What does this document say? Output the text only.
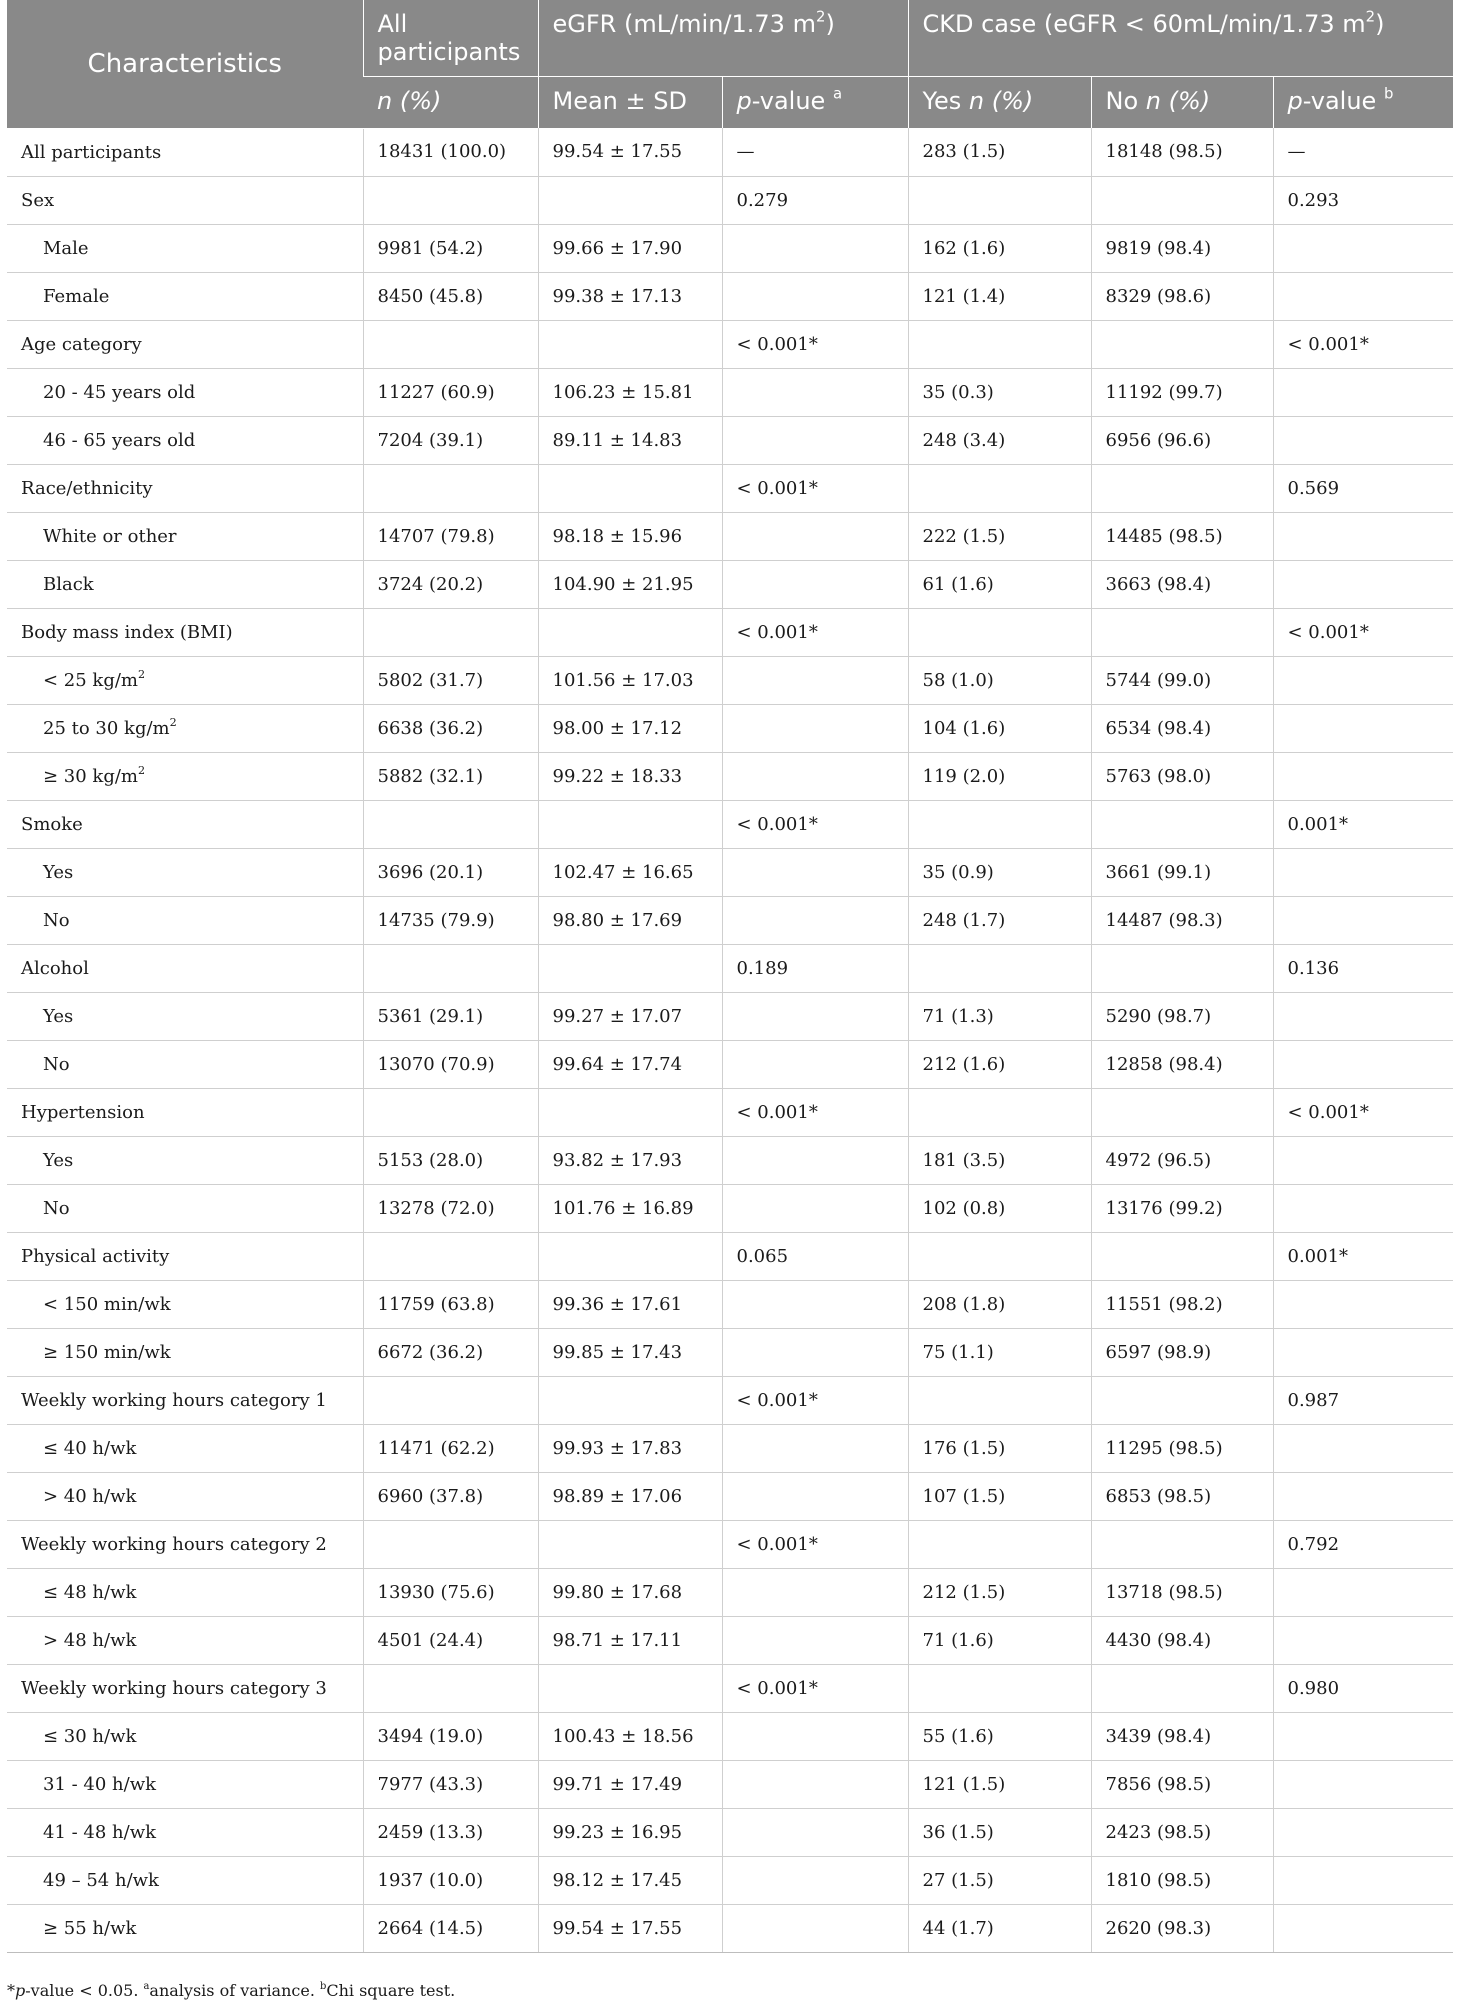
Characteristics	All participants	eGFR (mL/min/1.73 $m^2$)		CKD case (eGFR < 60mL/min/1.73 $m^2$)		
	n (%)	Mean ± SD	p-value $^a$	Yes n (%)	No n (%)	p-value $^b$
All participants	18431 (100.0)	99.54 ± 17.55	—	283 (1.5)	18148 (98.5)	—
Sex			0.279			0.293
Male	9981 (54.2)	99.66 ± 17.90		162 (1.6)	9819 (98.4)	
Female	8450 (45.8)	99.38 ± 17.13		121 (1.4)	8329 (98.6)	
Age category			< 0.001*			< 0.001*
20 - 45 years old	11227 (60.9)	106.23 ± 15.81		35 (0.3)	11192 (99.7)	
46 - 65 years old	7204 (39.1)	89.11 ± 14.83		248 (3.4)	6956 (96.6)	
Race/ethnicity			< 0.001*			0.569
White or other	14707 (79.8)	98.18 ± 15.96		222 (1.5)	14485 (98.5)	
Black	3724 (20.2)	104.90 ± 21.95		61 (1.6)	3663 (98.4)	
Body mass index (BMI)			< 0.001*			< 0.001*
< 25 $kg/m^2$	5802 (31.7)	101.56 ± 17.03		58 (1.0)	5744 (99.0)	
25 to 30 $kg/m^2$	6638 (36.2)	98.00 ± 17.12		104 (1.6)	6534 (98.4)	
≥ 30 $kg/m^2$	5882 (32.1)	99.22 ± 18.33		119 (2.0)	5763 (98.0)	
Smoke			< 0.001*			0.001*
Yes	3696 (20.1)	102.47 ± 16.65		35 (0.9)	3661 (99.1)	
No	14735 (79.9)	98.80 ± 17.69		248 (1.7)	14487 (98.3)	
Alcohol			0.189			0.136
Yes	5361 (29.1)	99.27 ± 17.07		71 (1.3)	5290 (98.7)	
No	13070 (70.9)	99.64 ± 17.74		212 (1.6)	12858 (98.4)	
Hypertension			< 0.001*			< 0.001*
Yes	5153 (28.0)	93.82 ± 17.93		181 (3.5)	4972 (96.5)	
No	13278 (72.0)	101.76 ± 16.89		102 (0.8)	13176 (99.2)	
Physical activity			0.065			0.001*
< 150 min/wk	11759 (63.8)	99.36 ± 17.61		208 (1.8)	11551 (98.2)	
≥ 150 min/wk	6672 (36.2)	99.85 ± 17.43		75 (1.1)	6597 (98.9)	
Weekly working hours category 1			< 0.001*			0.987
≤ 40 h/wk	11471 (62.2)	99.93 ± 17.83		176 (1.5)	11295 (98.5)	
> 40 h/wk	6960 (37.8)	98.89 ± 17.06		107 (1.5)	6853 (98.5)	
Weekly working hours category 2			< 0.001*			0.792
≤ 48 h/wk	13930 (75.6)	99.80 ± 17.68		212 (1.5)	13718 (98.5)	
> 48 h/wk	4501 (24.4)	98.71 ± 17.11		71 (1.6)	4430 (98.4)	
Weekly working hours category 3			< 0.001*			0.980
≤ 30 h/wk	3494 (19.0)	100.43 ± 18.56		55 (1.6)	3439 (98.4)	
31 - 40 h/wk	7977 (43.3)	99.71 ± 17.49		121 (1.5)	7856 (98.5)	
41 - 48 h/wk	2459 (13.3)	99.23 ± 16.95		36 (1.5)	2423 (98.5)	
49 – 54 h/wk	1937 (10.0)	98.12 ± 17.45		27 (1.5)	1810 (98.5)	
≥ 55 h/wk	2664 (14.5)	99.54 ± 17.55		44 (1.7)	2620 (98.3)	
*p-value < 0.05. $^a$analysis of variance. $^b$Chi square test.
